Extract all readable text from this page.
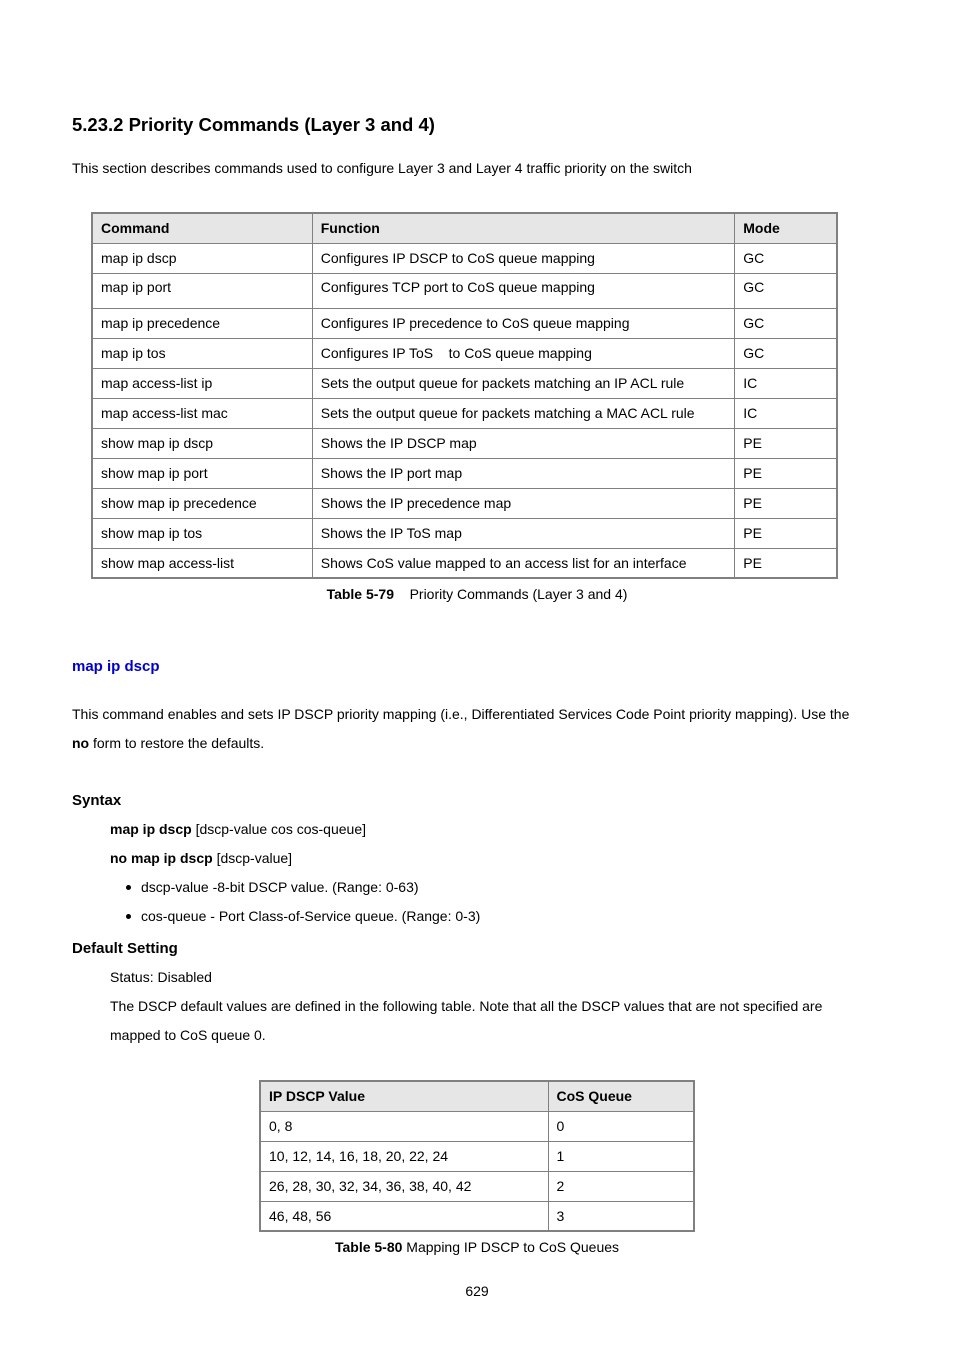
5.23.2 Priority Commands (Layer 3 and 4)
This section describes commands used to configure Layer 3 and Layer 4 traffic priority on the switch
Command	Function	Mode
map ip dscp	Configures IP DSCP to CoS queue mapping	GC
map ip port	Configures TCP port to CoS queue mapping	GC
map ip precedence	Configures IP precedence to CoS queue mapping	GC
map ip tos	Configures IP ToS    to CoS queue mapping	GC
map access-list ip	Sets the output queue for packets matching an IP ACL rule	IC
map access-list mac	Sets the output queue for packets matching a MAC ACL rule	IC
show map ip dscp	Shows the IP DSCP map	PE
show map ip port	Shows the IP port map	PE
show map ip precedence	Shows the IP precedence map	PE
show map ip tos	Shows the IP ToS map	PE
show map access-list	Shows CoS value mapped to an access list for an interface	PE
Table 5-79 Priority Commands (Layer 3 and 4)
map ip dscp
This command enables and sets IP DSCP priority mapping (i.e., Differentiated Services Code Point priority mapping). Use the
no form to restore the defaults.
Syntax
map ip dscp [dscp-value cos cos-queue]
no map ip dscp [dscp-value]
dscp-value -8-bit DSCP value. (Range: 0-63)
cos-queue - Port Class-of-Service queue. (Range: 0-3)
Default Setting
Status: Disabled
The DSCP default values are defined in the following table. Note that all the DSCP values that are not specified are
mapped to CoS queue 0.
IP DSCP Value	CoS Queue
0, 8	0
10, 12, 14, 16, 18, 20, 22, 24	1
26, 28, 30, 32, 34, 36, 38, 40, 42	2
46, 48, 56	3
Table 5-80 Mapping IP DSCP to CoS Queues
629
